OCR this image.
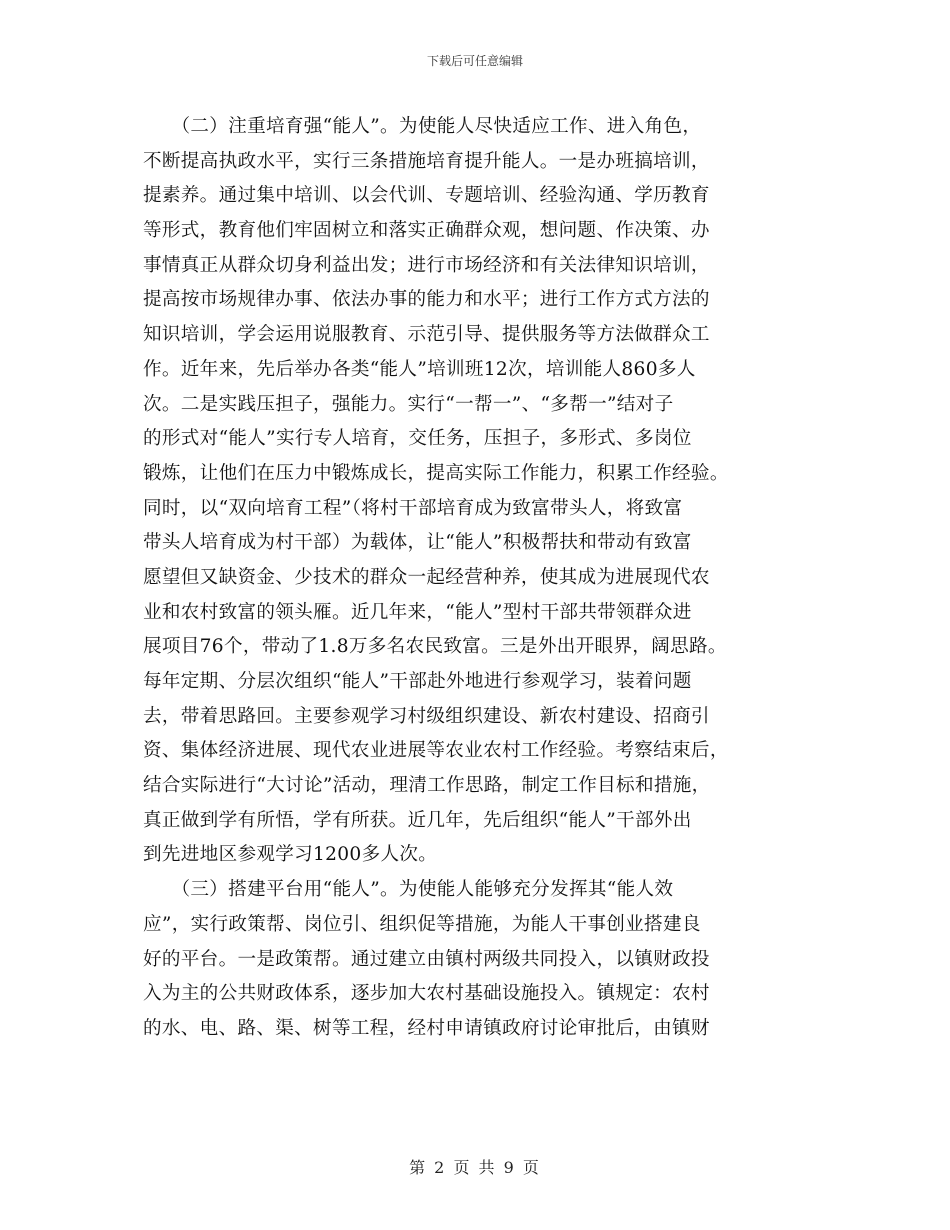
下载后可任意编辑
　　（二）注重培育强“能人”。为使能人尽快适应工作、进入角色，
不断提高执政水平，实行三条措施培育提升能人。一是办班搞培训，
提素养。通过集中培训、以会代训、专题培训、经验沟通、学历教育
等形式，教育他们牢固树立和落实正确群众观，想问题、作决策、办
事情真正从群众切身利益出发；进行市场经济和有关法律知识培训，
提高按市场规律办事、依法办事的能力和水平；进行工作方式方法的
知识培训，学会运用说服教育、示范引导、提供服务等方法做群众工
作。近年来，先后举办各类“能人”培训班12次，培训能人860多人
次。二是实践压担子，强能力。实行“一帮一”、“多帮一”结对子
的形式对“能人”实行专人培育，交任务，压担子，多形式、多岗位
锻炼，让他们在压力中锻炼成长，提高实际工作能力，积累工作经验。
同时，以“双向培育工程”（将村干部培育成为致富带头人，将致富
带头人培育成为村干部）为载体，让“能人”积极帮扶和带动有致富
愿望但又缺资金、少技术的群众一起经营种养，使其成为进展现代农
业和农村致富的领头雁。近几年来，“能人”型村干部共带领群众进
展项目76个，带动了1.8万多名农民致富。三是外出开眼界，阔思路。
每年定期、分层次组织“能人”干部赴外地进行参观学习，装着问题
去，带着思路回。主要参观学习村级组织建设、新农村建设、招商引
资、集体经济进展、现代农业进展等农业农村工作经验。考察结束后，
结合实际进行“大讨论”活动，理清工作思路，制定工作目标和措施，
真正做到学有所悟，学有所获。近几年，先后组织“能人”干部外出
到先进地区参观学习1200多人次。
　　（三）搭建平台用“能人”。为使能人能够充分发挥其“能人效
应”，实行政策帮、岗位引、组织促等措施，为能人干事创业搭建良
好的平台。一是政策帮。通过建立由镇村两级共同投入，以镇财政投
入为主的公共财政体系，逐步加大农村基础设施投入。镇规定：农村
的水、电、路、渠、树等工程，经村申请镇政府讨论审批后，由镇财
第 2 页 共 9 页
